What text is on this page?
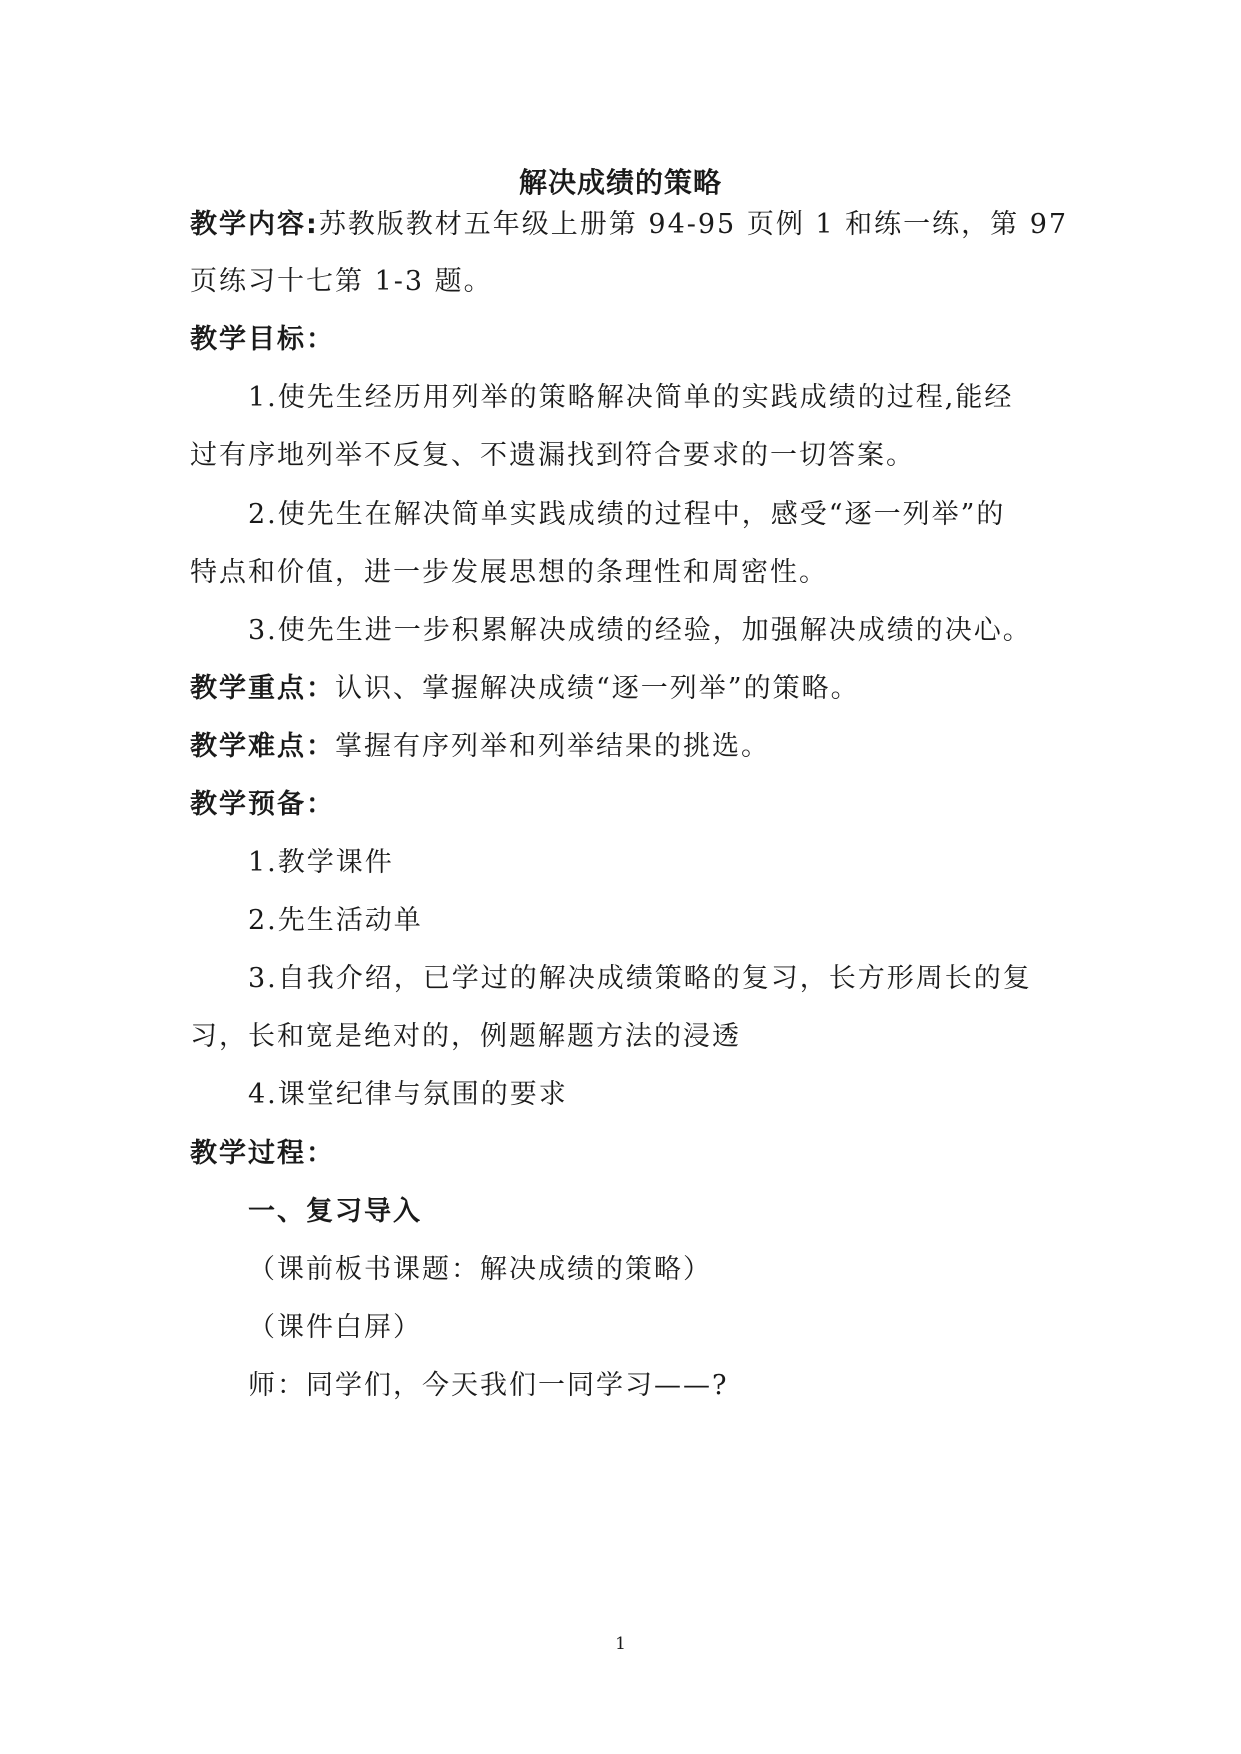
解决成绩的策略
教学内容:苏教版教材五年级上册第 94-95 页例 1 和练一练，第 97
页练习十七第 1-3 题。
教学目标：
1.使先生经历用列举的策略解决简单的实践成绩的过程,能经
过有序地列举不反复、不遗漏找到符合要求的一切答案。
2.使先生在解决简单实践成绩的过程中，感受“逐一列举”的
特点和价值，进一步发展思想的条理性和周密性。
3.使先生进一步积累解决成绩的经验，加强解决成绩的决心。
教学重点：认识、掌握解决成绩“逐一列举”的策略。
教学难点：掌握有序列举和列举结果的挑选。
教学预备：
1.教学课件
2.先生活动单
3.自我介绍，已学过的解决成绩策略的复习，长方形周长的复
习，长和宽是绝对的，例题解题方法的浸透
4.课堂纪律与氛围的要求
教学过程：
一、复习导入
（课前板书课题：解决成绩的策略）
（课件白屏）
师：同学们，今天我们一同学习——?
1
